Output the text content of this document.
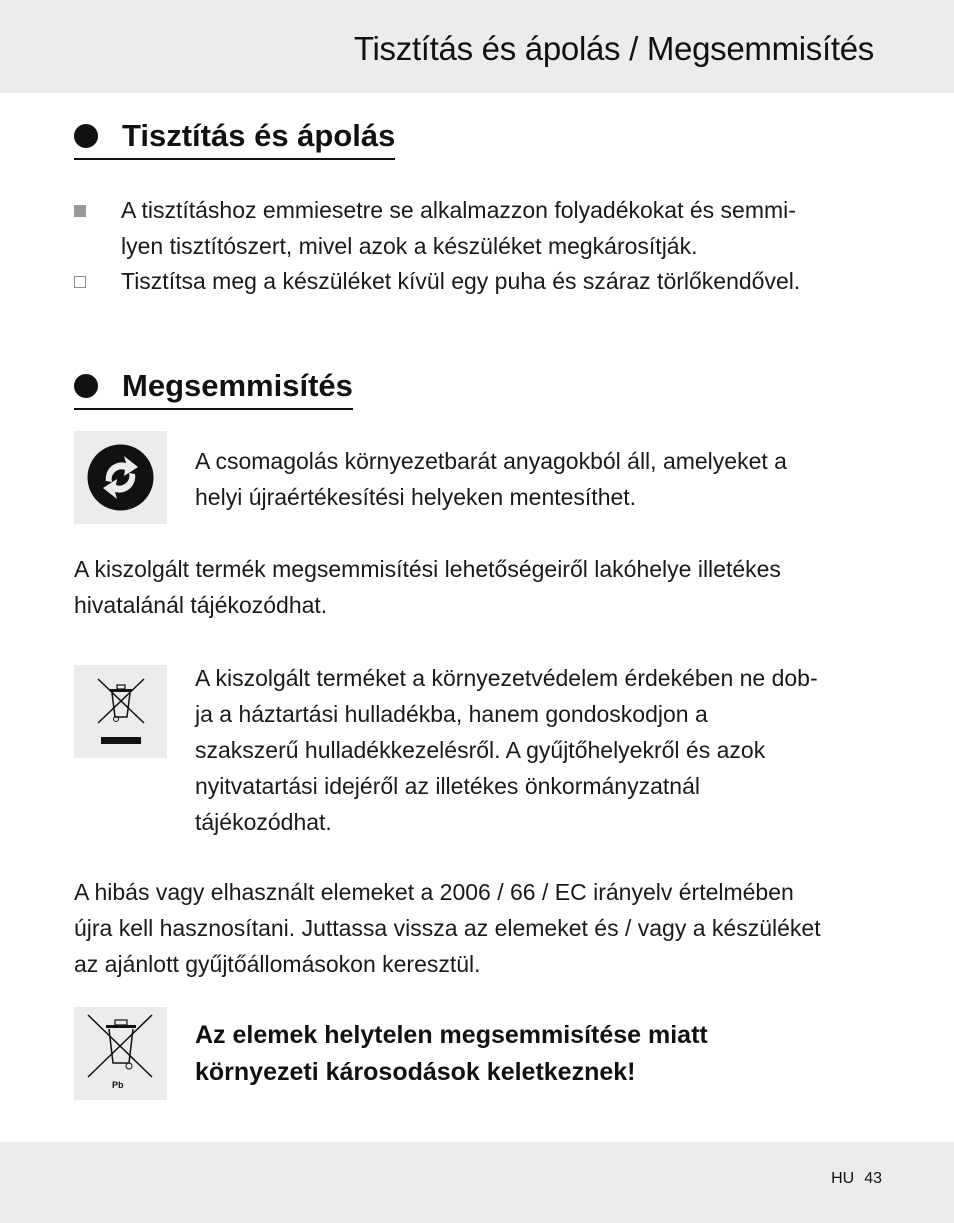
Tisztítás és ápolás / Megsemmisítés
Tisztítás és ápolás
A tisztításhoz emmiesetre se alkalmazzon folyadékokat és semmi-
lyen tisztítószert, mivel azok a készüléket megkárosítják.
Tisztítsa meg a készüléket kívül egy puha és száraz törlőkendővel.
Megsemmisítés
A csomagolás környezetbarát anyagokból áll, amelyeket a
helyi újraértékesítési helyeken mentesíthet.
A kiszolgált termék megsemmisítési lehetőségeiről lakóhelye illetékes
hivatalánál tájékozódhat.
A kiszolgált terméket a környezetvédelem érdekében ne dob-
ja a háztartási hulladékba, hanem gondoskodjon a
szakszerű hulladékkezelésről. A gyűjtőhelyekről és azok
nyitvatartási idejéről az illetékes önkormányzatnál
tájékozódhat.
A hibás vagy elhasznált elemeket a 2006 / 66 / EC irányelv értelmében
újra kell hasznosítani. Juttassa vissza az elemeket és / vagy a készüléket
az ajánlott gyűjtőállomásokon keresztül.
Pb
Az elemek helytelen megsemmisítése miatt
környezeti károsodások keletkeznek!
HU 43
